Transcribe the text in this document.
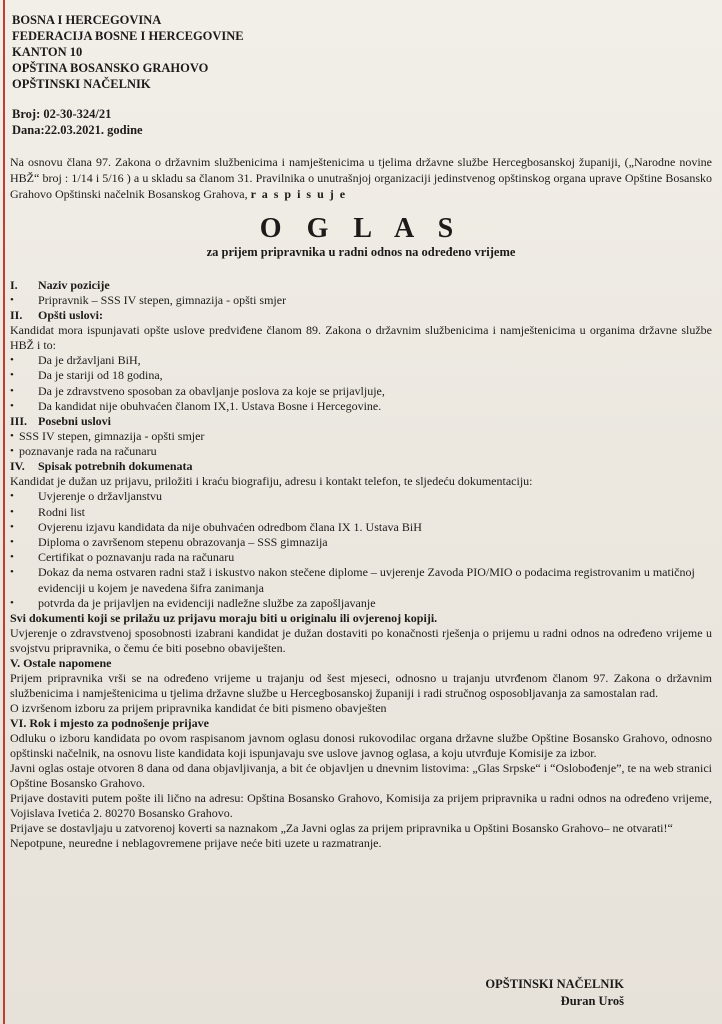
BOSNA I HERCEGOVINA
FEDERACIJA BOSNE I HERCEGOVINE
KANTON 10
OPŠTINA BOSANSKO GRAHOVO
OPŠTINSKI NAČELNIK
Broj: 02-30-324/21
Dana:22.03.2021. godine
Na osnovu člana 97. Zakona o državnim službenicima i namještenicima u tjelima državne službe Hercegbosanskoj županiji, („Narodne novine HBŽ“ broj : 1/14 i 5/16 ) a u skladu sa članom 31. Pravilnika o unutrašnjoj organizaciji jedinstvenog opštinskog organa uprave Opštine Bosansko Grahovo Opštinski načelnik Bosanskog Grahova, r a s p i s u j e
O G L A S
za prijem pripravnika u radni odnos na određeno vrijeme
I. Naziv pozicije
• Pripravnik – SSS IV stepen, gimnazija - opšti smjer
II. Opšti uslovi:
Kandidat mora ispunjavati opšte uslove predviđene članom 89. Zakona o državnim službenicima i namještenicima u organima državne službe HBŽ i to:
• Da je državljani BiH,
• Da je stariji od 18 godina,
• Da je zdravstveno sposoban za obavljanje poslova za koje se prijavljuje,
• Da kandidat nije obuhvaćen članom IX,1. Ustava Bosne i Hercegovine.
III. Posebni uslovi
• SSS IV stepen, gimnazija - opšti smjer
• poznavanje rada na računaru
IV. Spisak potrebnih dokumenata
Kandidat je dužan uz prijavu, priložiti i kraću biografiju, adresu i kontakt telefon, te sljedeću dokumentaciju:
• Uvjerenje o državljanstvu
• Rodni list
• Ovjerenu izjavu kandidata da nije obuhvaćen odredbom člana IX 1. Ustava BiH
• Diploma o završenom stepenu obrazovanja – SSS gimnazija
• Certifikat o poznavanju rada na računaru
• Dokaz da nema ostvaren radni staž i iskustvo nakon stečene diplome – uvjerenje Zavoda PIO/MIO o podacima registrovanim u matičnoj evidenciji u kojem je navedena šifra zanimanja
• potvrda da je prijavljen na evidenciji nadležne službe za zapošljavanje
Svi dokumenti koji se prilažu uz prijavu moraju biti u originalu ili ovjerenoj kopiji.
Uvjerenje o zdravstvenoj sposobnosti izabrani kandidat je dužan dostaviti po konačnosti rješenja o prijemu u radni odnos na određeno vrijeme u svojstvu pripravnika, o čemu će biti posebno obaviješten.
V. Ostale napomene
Prijem pripravnika vrši se na određeno vrijeme u trajanju od šest mjeseci, odnosno u trajanju utvrđenom članom 97. Zakona o državnim službenicima i namještenicima u tjelima državne službe u Hercegbosanskoj županiji i radi stručnog osposobljavanja za samostalan rad.
O izvršenom izboru za prijem pripravnika kandidat će biti pismeno obavješten
VI. Rok i mjesto za podnošenje prijave
Odluku o izboru kandidata po ovom raspisanom javnom oglasu donosi rukovodilac organa državne službe Opštine Bosansko Grahovo, odnosno opštinski načelnik, na osnovu liste kandidata koji ispunjavaju sve uslove javnog oglasa, a koju utvrđuje Komisije za izbor.
Javni oglas ostaje otvoren 8 dana od dana objavljivanja, a bit će objavljen u dnevnim listovima: „Glas Srpske“ i “Oslobođenje”, te na web stranici Opštine Bosansko Grahovo.
Prijave dostaviti putem pošte ili lično na adresu: Opština Bosansko Grahovo, Komisija za prijem pripravnika u radni odnos na određeno vrijeme, Vojislava Ivetića 2. 80270 Bosansko Grahovo.
Prijave se dostavljaju u zatvorenoj koverti sa naznakom „Za Javni oglas za prijem pripravnika u Opštini Bosansko Grahovo– ne otvarati!“
Nepotpune, neuredne i neblagovremene prijave neće biti uzete u razmatranje.
OPŠTINSKI NAČELNIK
Đuran Uroš
